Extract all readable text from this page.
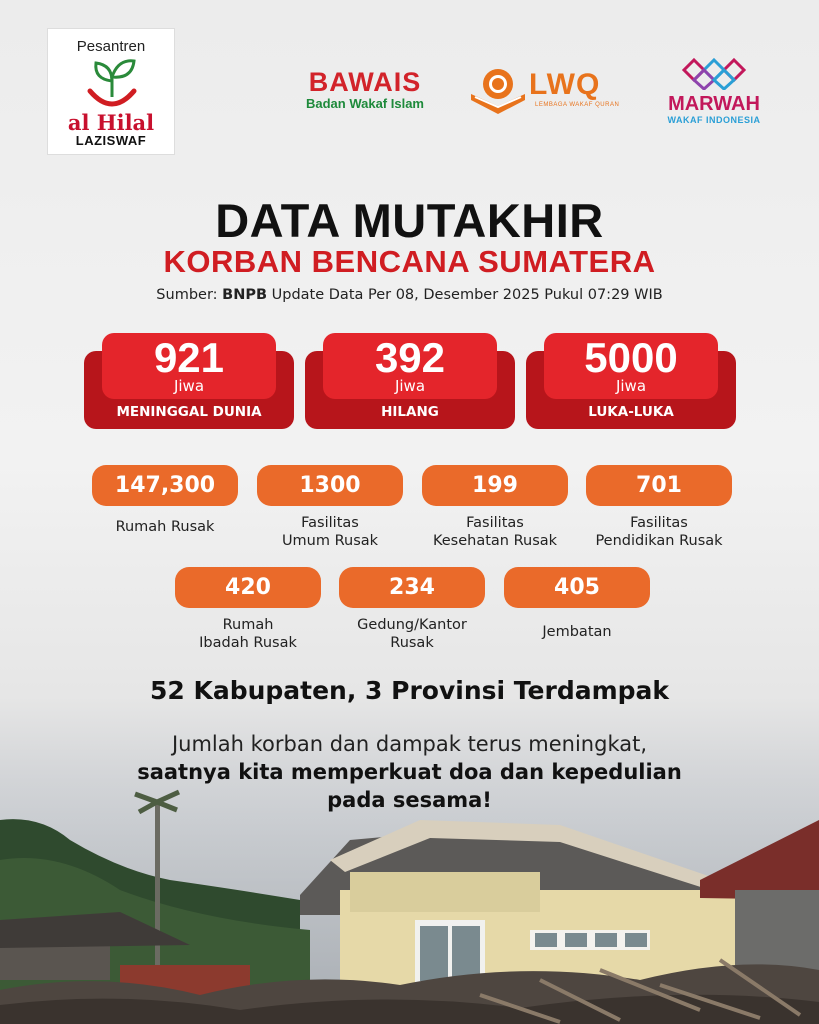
Pesantren
al Hilal
LAZISWAF
BAWAIS
Badan Wakaf Islam
LWQ
LEMBAGA WAKAF QURAN	MARWAH
WAKAF INDONESIA
DATA MUTAKHIR
KORBAN BENCANA SUMATERA
Sumber: BNPB Update Data Per 08, Desember 2025 Pukul 07:29 WIB
921
Jiwa
MENINGGAL DUNIA
392
Jiwa
HILANG
5000
Jiwa
LUKA-LUKA
147,300
Rumah Rusak
1300
Fasilitas
Umum Rusak
199
Fasilitas
Kesehatan Rusak
701
Fasilitas
Pendidikan Rusak
420
Rumah
Ibadah Rusak
234
Gedung/Kantor
Rusak
405
Jembatan
52 Kabupaten, 3 Provinsi Terdampak
Jumlah korban dan dampak terus meningkat,
saatnya kita memperkuat doa dan kepedulian
pada sesama!
